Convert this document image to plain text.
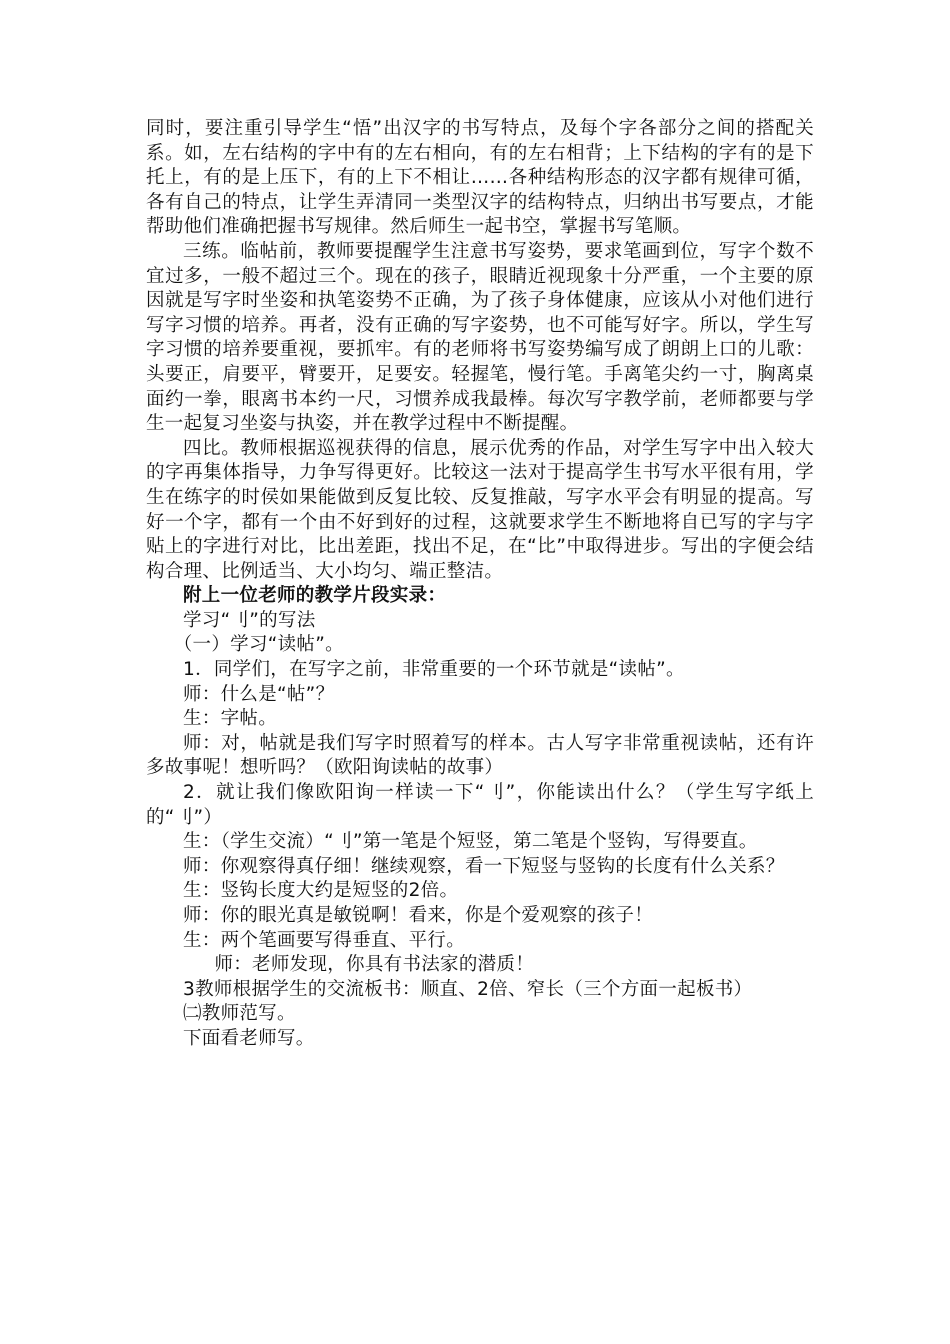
同时，要注重引导学生“悟”出汉字的书写特点，及每个字各部分之间的搭配关系。如，左右结构的字中有的左右相向，有的左右相背；上下结构的字有的是下托上，有的是上压下，有的上下不相让……各种结构形态的汉字都有规律可循，各有自己的特点，让学生弄清同一类型汉字的结构特点，归纳出书写要点，才能帮助他们准确把握书写规律。然后师生一起书空，掌握书写笔顺。

三练。临帖前，教师要提醒学生注意书写姿势，要求笔画到位，写字个数不宜过多，一般不超过三个。现在的孩子，眼睛近视现象十分严重，一个主要的原因就是写字时坐姿和执笔姿势不正确，为了孩子身体健康，应该从小对他们进行写字习惯的培养。再者，没有正确的写字姿势，也不可能写好字。所以，学生写字习惯的培养要重视，要抓牢。有的老师将书写姿势编写成了朗朗上口的儿歌：头要正，肩要平，臂要开，足要安。轻握笔，慢行笔。手离笔尖约一寸，胸离桌面约一拳，眼离书本约一尺，习惯养成我最棒。每次写字教学前，老师都要与学生一起复习坐姿与执姿，并在教学过程中不断提醒。

四比。教师根据巡视获得的信息，展示优秀的作品，对学生写字中出入较大的字再集体指导，力争写得更好。比较这一法对于提高学生书写水平很有用，学生在练字的时侯如果能做到反复比较、反复推敲，写字水平会有明显的提高。写好一个字，都有一个由不好到好的过程，这就要求学生不断地将自已写的字与字贴上的字进行对比，比出差距，找出不足，在“比”中取得进步。写出的字便会结构合理、比例适当、大小均匀、端正整洁。

附上一位老师的教学片段实录：

学习“刂”的写法

（一）学习“读帖”。

1．同学们，在写字之前，非常重要的一个环节就是“读帖”。

师：什么是“帖”？

生：字帖。

师：对，帖就是我们写字时照着写的样本。古人写字非常重视读帖，还有许多故事呢！想听吗？（欧阳询读帖的故事）

2．就让我们像欧阳询一样读一下“刂”，你能读出什么？（学生写字纸上的“刂”）

生：（学生交流）“刂”第一笔是个短竖，第二笔是个竖钩，写得要直。

师：你观察得真仔细！继续观察，看一下短竖与竖钩的长度有什么关系？

生：竖钩长度大约是短竖的2倍。

师：你的眼光真是敏锐啊！看来，你是个爱观察的孩子！

生：两个笔画要写得垂直、平行。

师：老师发现，你具有书法家的潜质！

3教师根据学生的交流板书：顺直、2倍、窄长（三个方面一起板书）

㈡教师范写。

下面看老师写。
